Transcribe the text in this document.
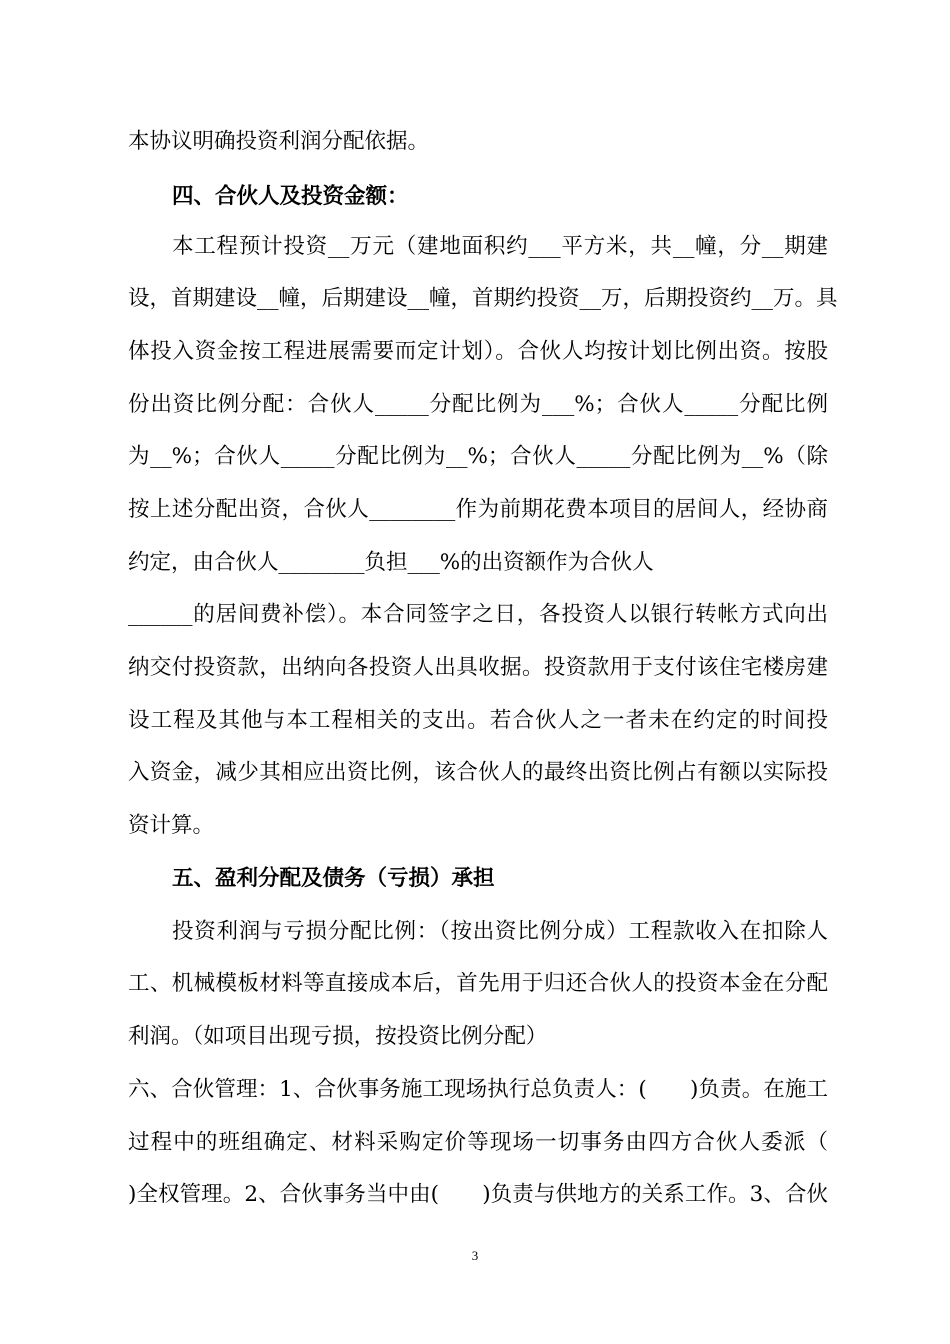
本协议明确投资利润分配依据。
四、合伙人及投资金额：
本工程预计投资__万元（建地面积约___平方米，共__幢，分__期建
设，首期建设__幢，后期建设__幢，首期约投资__万，后期投资约__万。具
体投入资金按工程进展需要而定计划）。合伙人均按计划比例出资。按股
份出资比例分配：合伙人_____分配比例为___%；合伙人_____分配比例
为__%；合伙人_____分配比例为__%；合伙人_____分配比例为__%（除
按上述分配出资，合伙人________作为前期花费本项目的居间人，经协商
约定，由合伙人________负担___%的出资额作为合伙人
______的居间费补偿）。本合同签字之日，各投资人以银行转帐方式向出
纳交付投资款，出纳向各投资人出具收据。投资款用于支付该住宅楼房建
设工程及其他与本工程相关的支出。若合伙人之一者未在约定的时间投
入资金，减少其相应出资比例，该合伙人的最终出资比例占有额以实际投
资计算。
五、盈利分配及债务（亏损）承担
投资利润与亏损分配比例：（按出资比例分成）工程款收入在扣除人
工、机械模板材料等直接成本后，首先用于归还合伙人的投资本金在分配
利润。（如项目出现亏损，按投资比例分配）
六、合伙管理：1、合伙事务施工现场执行总负责人：(　　)负责。在施工
过程中的班组确定、材料采购定价等现场一切事务由四方合伙人委派（
)全权管理。2、合伙事务当中由(　　)负责与供地方的关系工作。3、合伙
3
